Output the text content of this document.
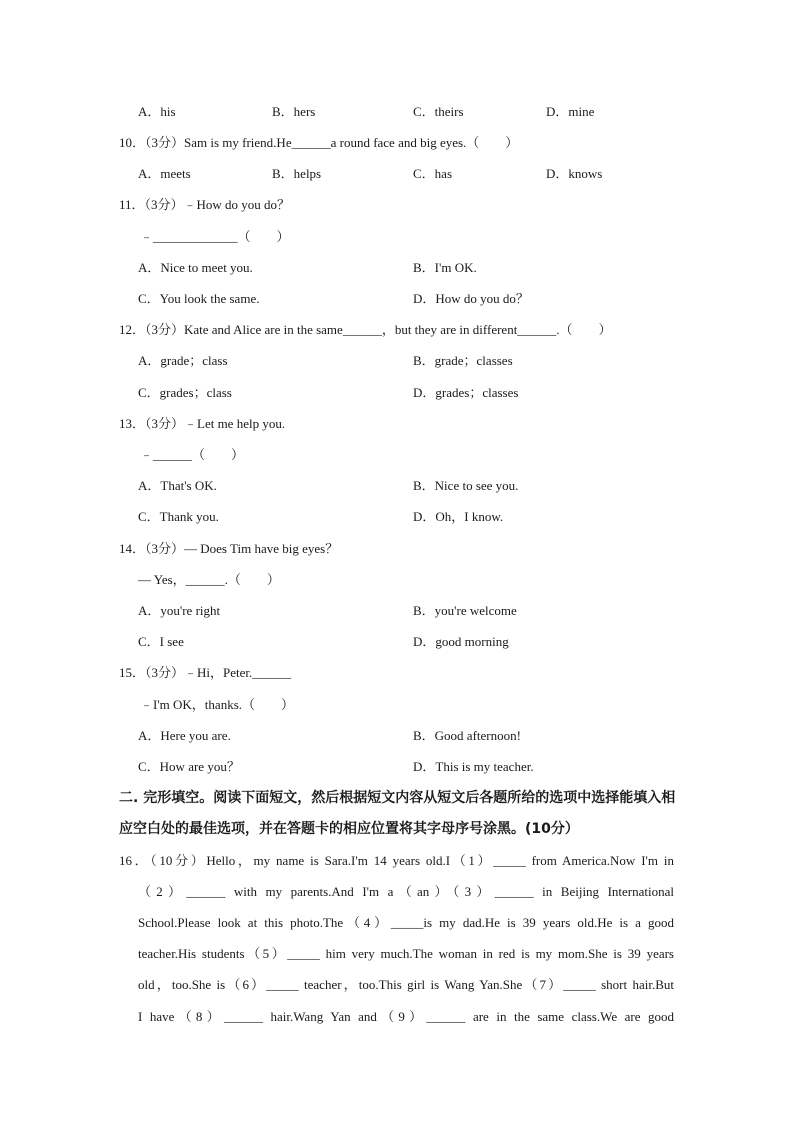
A．his	B．hers	C．theirs	D．mine
10．（3分）Sam is my friend.He______a round face and big eyes.（　　）
A．meets	B．helps	C．has	D．knows
11．（3分）﹣How do you do？
﹣_____________（　　）
A．Nice to meet you.	B．I'm OK.
C．You look the same.	D．How do you do？
12．（3分）Kate and Alice are in the same______，but they are in different______.（　　）
A．grade；class	B．grade；classes
C．grades；class	D．grades；classes
13．（3分）﹣Let me help you.
﹣______（　　）
A．That's OK.	B．Nice to see you.
C．Thank you.	D．Oh，I know.
14．（3分）— Does Tim have big eyes？
— Yes，______.（　　）
A．you're right	B．you're welcome
C．I see	D．good morning
15．（3分）﹣Hi，Peter.______
﹣I'm OK，thanks.（　　）
A．Here you are.	B．Good afternoon!
C．How are you？	D．This is my teacher.
二. 完形填空。阅读下面短文，然后根据短文内容从短文后各题所给的选项中选择能填入相
应空白处的最佳选项，并在答题卡的相应位置将其字母序号涂黑。(10分）
16．（10分）Hello，my name is Sara.I'm 14 years old.I（1）_____ from America.Now I'm in
（2）______ with my parents.And I'm a（an）（3）______ in Beijing International
School.Please look at this photo.The（4）_____is my dad.He is 39 years old.He is a good
teacher.His students（5）_____ him very much.The woman in red is my mom.She is 39 years
old，too.She is（6）_____ teacher，too.This girl is Wang Yan.She（7）_____ short hair.But
I have（8）______ hair.Wang Yan and（9）______ are in the same class.We are good
